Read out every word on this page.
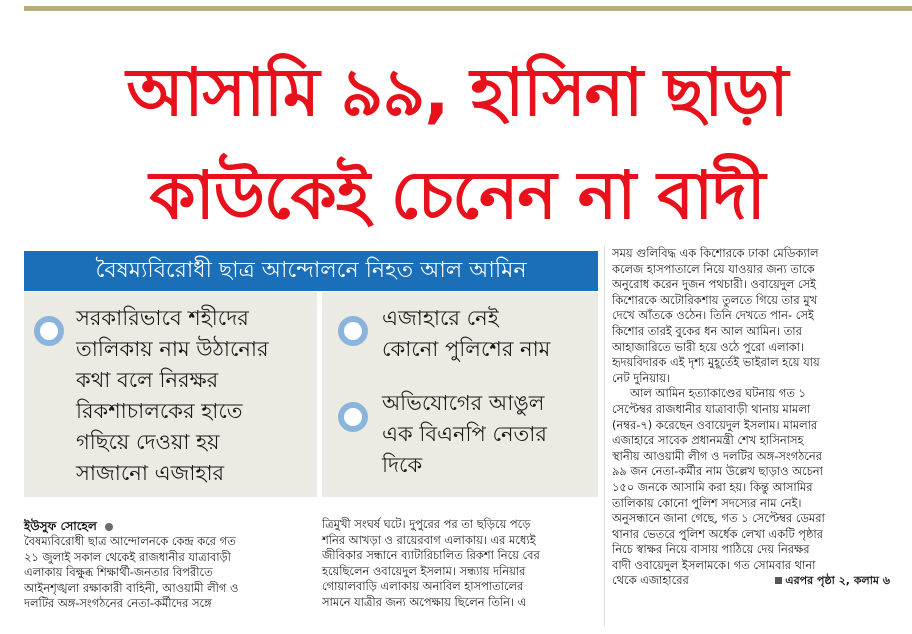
আসামি ৯৯, হাসিনা ছাড়া
কাউকেই চেনেন না বাদী
বৈষম্যবিরোধী ছাত্র আন্দোলনে নিহত আল আমিন
সরকারিভাবে শহীদের
তালিকায় নাম উঠানোর
কথা বলে নিরক্ষর
রিকশাচালকের হাতে
গছিয়ে দেওয়া হয়
সাজানো এজাহার
এজাহারে নেই
কোনো পুলিশের নাম
অভিযোগের আঙুল
এক বিএনপি নেতার
দিকে
ইউসুফ সোহেল

বৈষম্যবিরোধী ছাত্র আন্দোলনকে কেন্দ্র করে গত

২১ জুলাই সকাল থেকেই রাজধানীর যাত্রাবাড়ী

এলাকায় বিক্ষুব্ধ শিক্ষার্থী-জনতার বিপরীতে

আইনশৃঙ্খলা রক্ষাকারী বাহিনী, আওয়ামী লীগ ও

দলটির অঙ্গ-সংগঠনের নেতা-কর্মীদের সঙ্গে

ত্রিমুখী সংঘর্ষ ঘটে। দুপুরের পর তা ছড়িয়ে পড়ে

শনির আখড়া ও রায়েরবাগ এলাকায়। এর মধ্যেই

জীবিকার সন্ধানে ব্যাটারিচালিত রিকশা নিয়ে বের

হয়েছিলেন ওবায়েদুল ইসলাম। সন্ধ্যায় দনিয়ার

গোয়ালবাড়ি এলাকায় অনাবিল হাসপাতালের

সামনে যাত্রীর জন্য অপেক্ষায় ছিলেন তিনি। এ

সময় গুলিবিদ্ধ এক কিশোরকে ঢাকা মেডিক্যাল

কলেজ হাসপাতালে নিয়ে যাওয়ার জন্য তাকে

অনুরোধ করেন দুজন পথচারী। ওবায়েদুল সেই

কিশোরকে অটোরিকশায় তুলতে গিয়ে তার মুখ

দেখে আঁতকে ওঠেন। তিনি দেখতে পান- সেই

কিশোর তারই বুকের ধন আল আমিন। তার

আহাজারিতে ভারী হয়ে ওঠে পুরো এলাকা।

হৃদয়বিদারক এই দৃশ্য মুহূর্তেই ভাইরাল হয়ে যায়

নেট দুনিয়ায়।

আল আমিন হত্যাকাণ্ডের ঘটনায় গত ১

সেপ্টেম্বর রাজধানীর যাত্রাবাড়ী থানায় মামলা

(নম্বর-৭) করেছেন ওবায়েদুল ইসলাম। মামলার

এজাহারে সাবেক প্রধানমন্ত্রী শেখ হাসিনাসহ

স্থানীয় আওয়ামী লীগ ও দলটির অঙ্গ-সংগঠনের

৯৯ জন নেতা-কর্মীর নাম উল্লেখ ছাড়াও অচেনা

১৫০ জনকে আসামি করা হয়। কিন্তু আসামির

তালিকায় কোনো পুলিশ সদস্যের নাম নেই।

অনুসন্ধানে জানা গেছে, গত ১ সেপ্টেম্বর ডেমরা

থানার ভেতরে পুলিশ অর্ধেক লেখা একটি পৃষ্ঠার

নিচে স্বাক্ষর নিয়ে বাসায় পাঠিয়ে দেয় নিরক্ষর

বাদী ওবায়েদুল ইসলামকে। গত সোমবার থানা

থেকে এজাহারের	এরপর পৃষ্ঠা ২, কলাম ৬
